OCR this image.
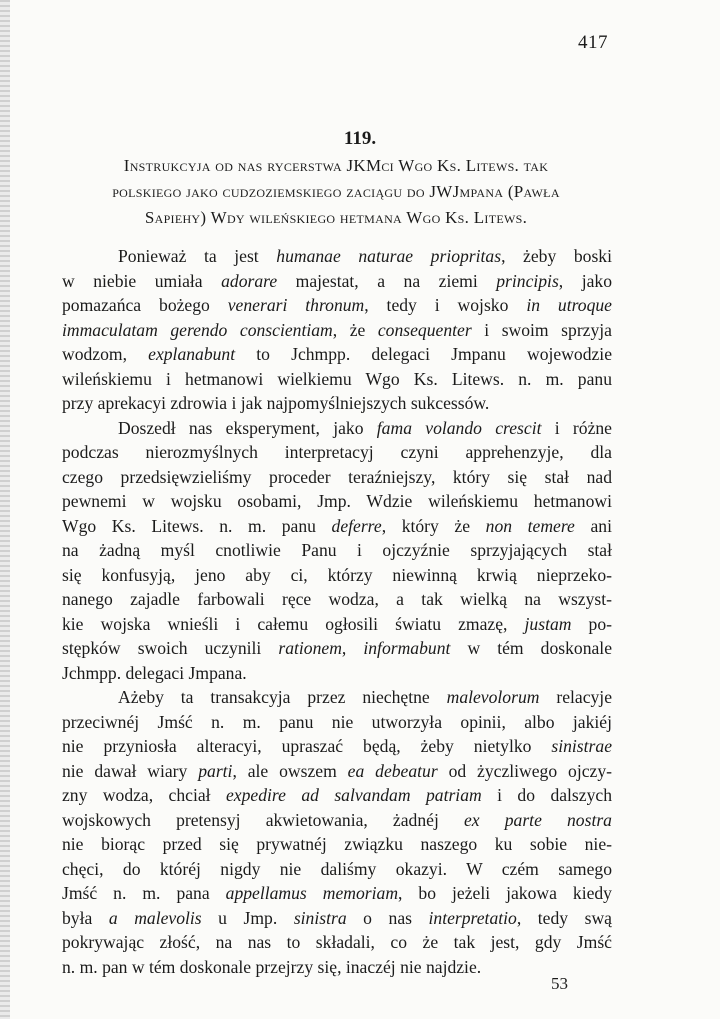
417
119.
Instrukcyja od nas rycerstwa JKMci Wgo Ks. Litews. tak
polskiego jako cudzoziemskiego zaciągu do JWJmpana (Pawła
Sapiehy) Wdy wileńskiego hetmana Wgo Ks. Litews.
Ponieważ ta jest humanae naturae priopritas, żeby boski
w niebie umiała adorare majestat, a na ziemi principis, jako
pomazańca bożego venerari thronum, tedy i wojsko in utroque
immaculatam gerendo conscientiam, że consequenter i swoim sprzyja
wodzom, explanabunt to Jchmpp. delegaci Jmpanu wojewodzie
wileńskiemu i hetmanowi wielkiemu Wgo Ks. Litews. n. m. panu
przy aprekacyi zdrowia i jak najpomyślniejszych sukcessów.
Doszedł nas eksperyment, jako fama volando crescit i różne
podczas nierozmyślnych interpretacyj czyni apprehenzyje, dla
czego przedsięwzieliśmy proceder teraźniejszy, który się stał nad
pewnemi w wojsku osobami, Jmp. Wdzie wileńskiemu hetmanowi
Wgo Ks. Litews. n. m. panu deferre, który że non temere ani
na żadną myśl cnotliwie Panu i ojczyźnie sprzyjających stał
się konfusyją, jeno aby ci, którzy niewinną krwią nieprzeko-
nanego zajadle farbowali ręce wodza, a tak wielką na wszyst-
kie wojska wnieśli i całemu ogłosili światu zmazę, justam po-
stępków swoich uczynili rationem, informabunt w tém doskonale
Jchmpp. delegaci Jmpana.
Ażeby ta transakcyja przez niechętne malevolorum relacyje
przeciwnéj Jmść n. m. panu nie utworzyła opinii, albo jakiéj
nie przyniosła alteracyi, upraszać będą, żeby nietylko sinistrae
nie dawał wiary parti, ale owszem ea debeatur od życzliwego ojczy-
zny wodza, chciał expedire ad salvandam patriam i do dalszych
wojskowych pretensyj akwietowania, żadnéj ex parte nostra
nie biorąc przed się prywatnéj związku naszego ku sobie nie-
chęci, do któréj nigdy nie daliśmy okazyi. W czém samego
Jmść n. m. pana appellamus memoriam, bo jeżeli jakowa kiedy
była a malevolis u Jmp. sinistra o nas interpretatio, tedy swą
pokrywając złość, na nas to składali, co że tak jest, gdy Jmść
n. m. pan w tém doskonale przejrzy się, inaczéj nie najdzie.
53
